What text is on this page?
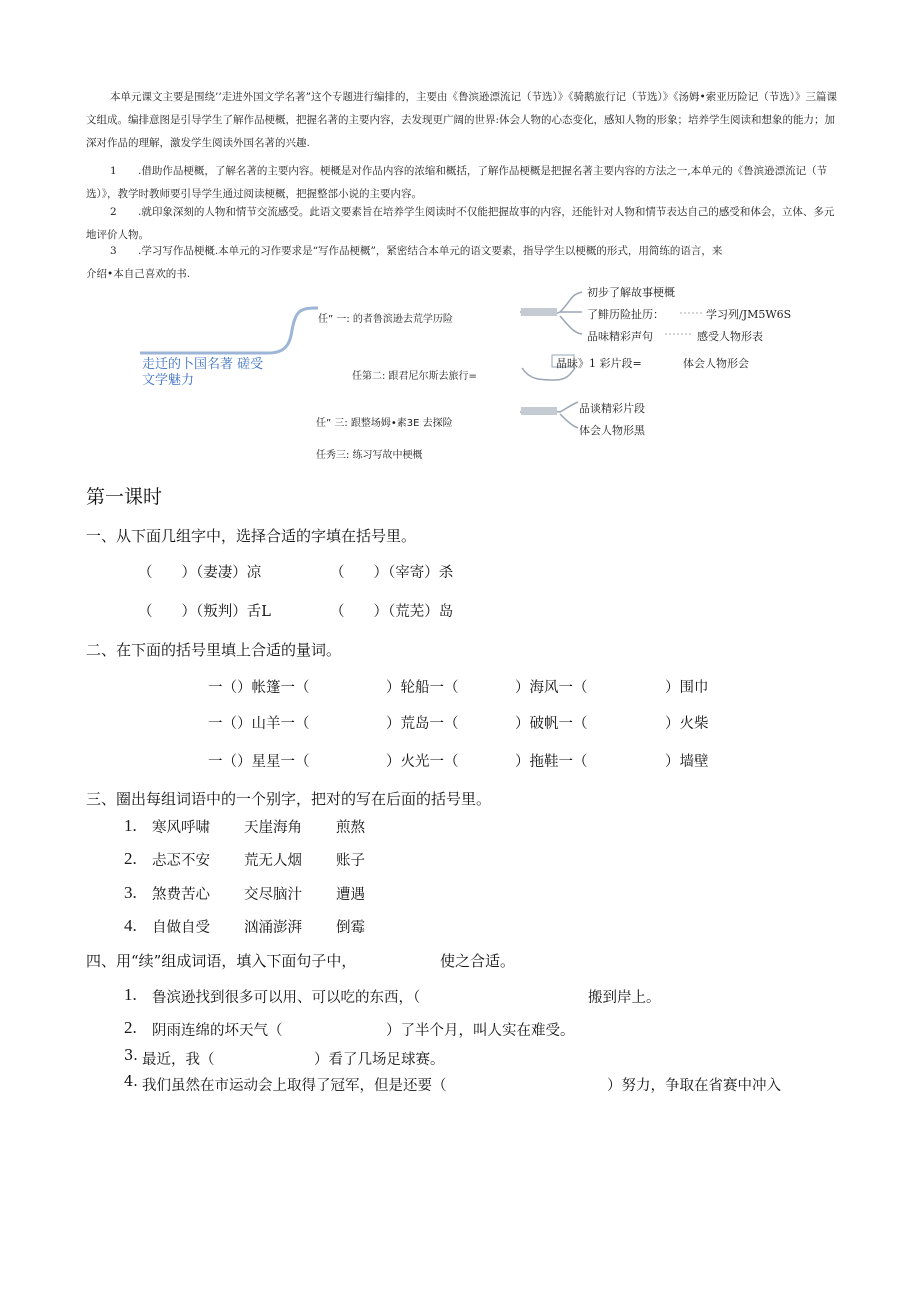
本单元课文主要是围绕’’走进外国文学名著”这个专题进行编排的，主要由《鲁滨逊漂流记（节选）》《骑鹅旅行记（节选）》《汤姆•索亚历险记（节选）》三篇课文组成。编排意图是引导学生了解作品梗概，把握名著的主要内容，去发现更广阔的世界:体会人物的心态变化，感知人物的形象；培养学生阅读和想象的能力；加深对作品的理解，激发学生阅读外国名著的兴趣.

1 .借助作品梗概，了解名著的主要内容。梗概是对作品内容的浓缩和概括，了解作品梗概是把握名著主要内容的方法之一,本单元的《鲁滨逊漂流记（节选）》，教学时教师要引导学生通过阅读梗概，把握整部小说的主要内容。

2 .就印象深刻的人物和情节交流感受。此语文要素旨在培养学生阅读时不仅能把握故事的内容，还能针对人物和情节表达自己的感受和体会，立体、多元地评价人物。

3 .学习写作品梗概.本单元的习作要求是“写作品梗概”，紧密结合本单元的语文要素，指导学生以梗概的形式，用简练的语言，来

介绍•本自己喜欢的书.

走迁的卜国名著 磋受 文学魅力
任” 一: 的者鲁滨逊去荒学历险
任第二: 跟君尼尔斯去旅行=
任” 三: 跟整场姆•素3E 去探险
任秀三: 练习写故中梗概
初步了解故事梗概
了鲱历险扯历：
品味精彩声句
学习列/JM5W6S
感受人物形表
晶昧》1 彩片段=	体会人物形会
品谈精彩片段
体会人物形黑
第一课时
一、从下面几组字中，选择合适的字填在括号里。
（　　）（妻凄）凉	（　　）（宰寄）杀
（　　）（叛判）舌L	（　　）（荒芜）岛
二、在下面的括号里填上合适的量词。
一（）帐篷一（	）轮船一（	）海风一（	）围巾
一（）山羊一（	）荒岛一（	）破帆一（	）火柴
一（）星星一（	）火光一（	）拖鞋一（	）墙壁
三、圈出每组词语中的一个别字，把对的写在后面的括号里。
1. 寒风呼啸 天崖海角 煎熬
2. 忐忑不安 荒无人烟 账子
3. 煞费苦心 交尽脑汁 遭遇
4. 自做自受 汹涌澎湃 倒霉
四、用“续”组成词语，填入下面句子中，	使之合适。
1. 鲁滨逊找到很多可以用、可以吃的东西，（	搬到岸上。
2. 阴雨连绵的坏天气（	）了半个月，叫人实在难受。
3. 最近，我（	）看了几场足球赛。
4. 我们虽然在市运动会上取得了冠军，但是还要（	）努力，争取在省赛中冲入
